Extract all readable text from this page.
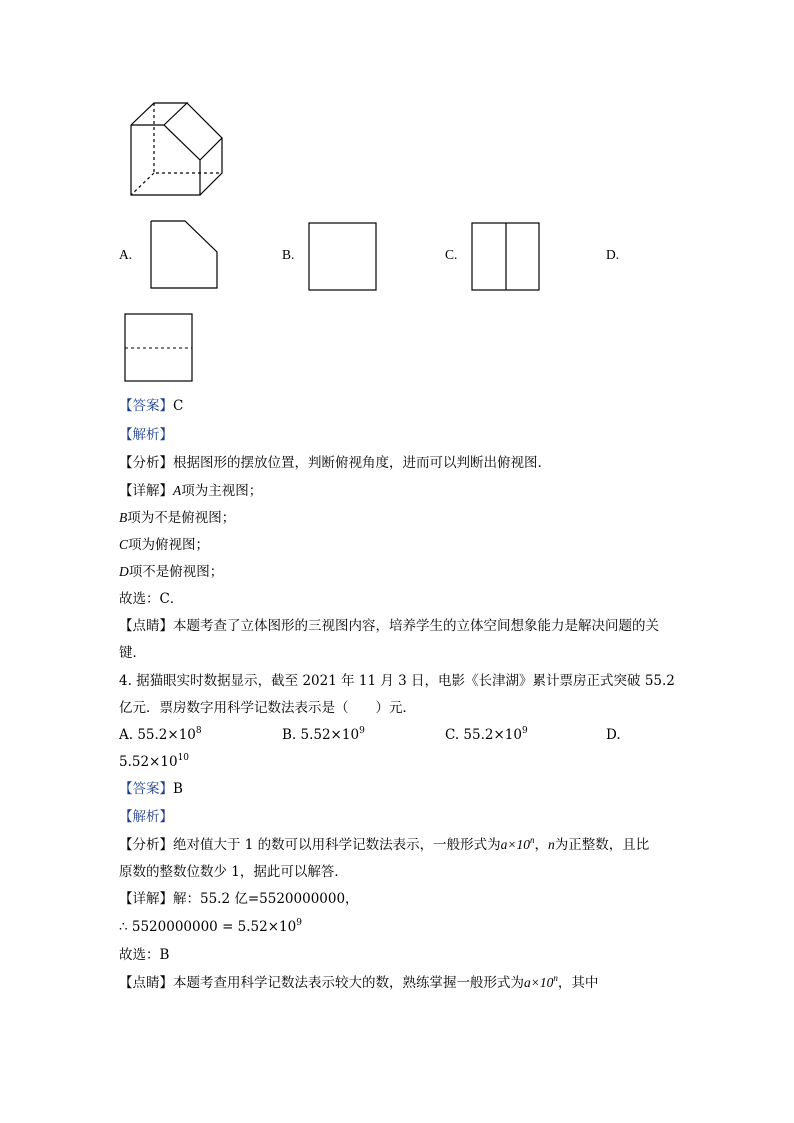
A.	B.	C.	D.
【答案】C
【解析】
【分析】根据图形的摆放位置，判断俯视角度，进而可以判断出俯视图．
【详解】A项为主视图；
B项为不是俯视图；
C项为俯视图；
D项不是俯视图；
故选：C．
【点睛】本题考查了立体图形的三视图内容，培养学生的立体空间想象能力是解决问题的关
键．
4. 据猫眼实时数据显示，截至 2021 年 11 月 3 日，电影《长津湖》累计票房正式突破 55.2
亿元．票房数字用科学记数法表示是（　　）元．
A. $55.2\times 10^8$	B. $5.52\times 10^9$	C. $55.2\times 10^9$	D.
$5.52\times 10^{10}$
【答案】B
【解析】
【分析】绝对值大于 1 的数可以用科学记数法表示，一般形式为$a\times 10^n$，n为正整数，且比
原数的整数位数少 1，据此可以解答．
【详解】解：55.2 亿=5520000000，
∴ $5520000000 = 5.52\times 10^9$
故选：B
【点睛】本题考查用科学记数法表示较大的数，熟练掌握一般形式为$a\times 10^n$，其中
